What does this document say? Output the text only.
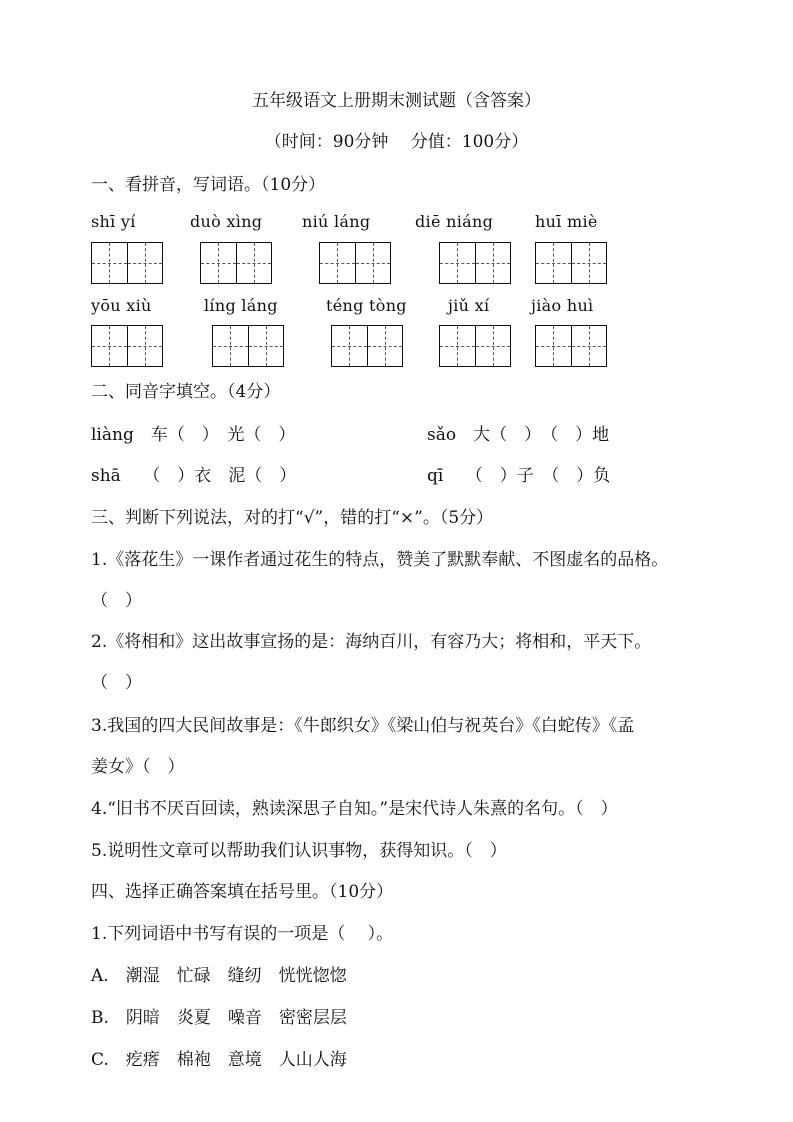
五年级语文上册期末测试题（含答案）
（时间：90分钟　 分值：100分）
一、看拼音，写词语。（10分）
shī yí	duò xìng niú láng	diē niáng	huī miè
yōu xiù	líng láng	téng tòng	jiǔ xí	jiào huì
二、同音字填空。（4分）
liàng　车（　）　光（　）	sǎo　大（　）　（　）地
shā　 （　）衣　泥（　）	qī　 （　）子　（　）负
三、判断下列说法，对的打“√”，错的打“×”。（5分）
1.《落花生》一课作者通过花生的特点，赞美了默默奉献、不图虚名的品格。
（　）
2.《将相和》这出故事宣扬的是：海纳百川，有容乃大；将相和，平天下。
（　）
3.我国的四大民间故事是：《牛郎织女》《梁山伯与祝英台》《白蛇传》《孟
姜女》（　）
4.“旧书不厌百回读，熟读深思子自知。”是宋代诗人朱熹的名句。（　）
5.说明性文章可以帮助我们认识事物，获得知识。（　）
四、选择正确答案填在括号里。（10分）
1.下列词语中书写有误的一项是（　 ）。
A.　潮湿　忙碌　缝纫　恍恍惚惚
B.　阴暗　炎夏　噪音　密密层层
C.　疙瘩　棉袍　意境　人山人海
